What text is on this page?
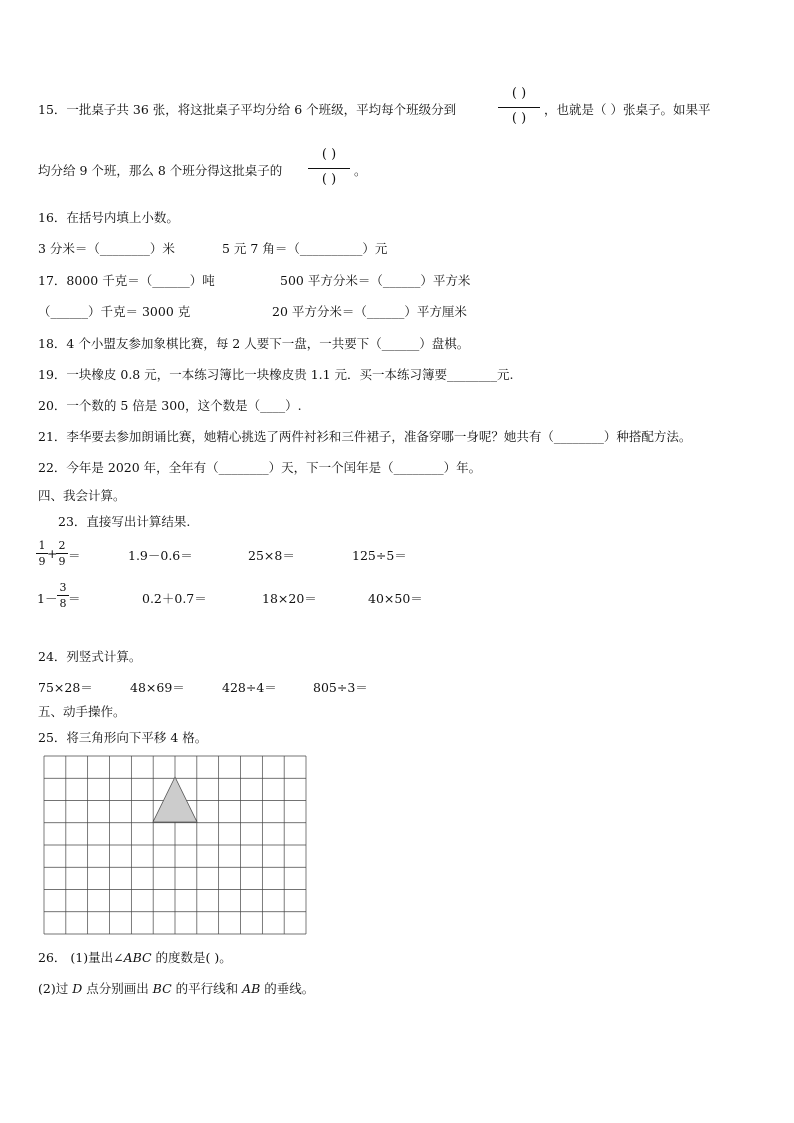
15．一批桌子共 36 张，将这批桌子平均分给 6 个班级，平均每个班级分到
( )
( )
，也就是（ ）张桌子。如果平
均分给 9 个班，那么 8 个班分得这批桌子的
( )
( )
。
16．在括号内填上小数。
3 分米＝（________）米	5 元 7 角＝（__________）元
17．8000 千克＝（______）吨	500 平方分米＝（______）平方米
（______）千克＝ 3000 克	20 平方分米＝（______）平方厘米
18．4 个小盟友参加象棋比赛，每 2 人要下一盘，一共要下（______）盘棋。
19．一块橡皮 0.8 元，一本练习簿比一块橡皮贵 1.1 元．买一本练习簿要________元.
20．一个数的 5 倍是 300，这个数是（____）.
21．李华要去参加朗诵比赛，她精心挑选了两件衬衫和三件裙子，准备穿哪一身呢？她共有（________）种搭配方法。
22．今年是 2020 年，全年有（________）天，下一个闰年是（________）年。
四、我会计算。
23．直接写出计算结果.
1
9
+
2
9 ＝	1.9－0.6＝	25×8＝	125÷5＝
1－
3
8 ＝	0.2＋0.7＝	18×20＝	40×50＝
24．列竖式计算。
75×28＝	48×69＝	428÷4＝	805÷3＝
五、动手操作。
25．将三角形向下平移 4 格。
26． (1)量出∠ABC 的度数是( )。
(2)过 D 点分别画出 BC 的平行线和 AB 的垂线。
